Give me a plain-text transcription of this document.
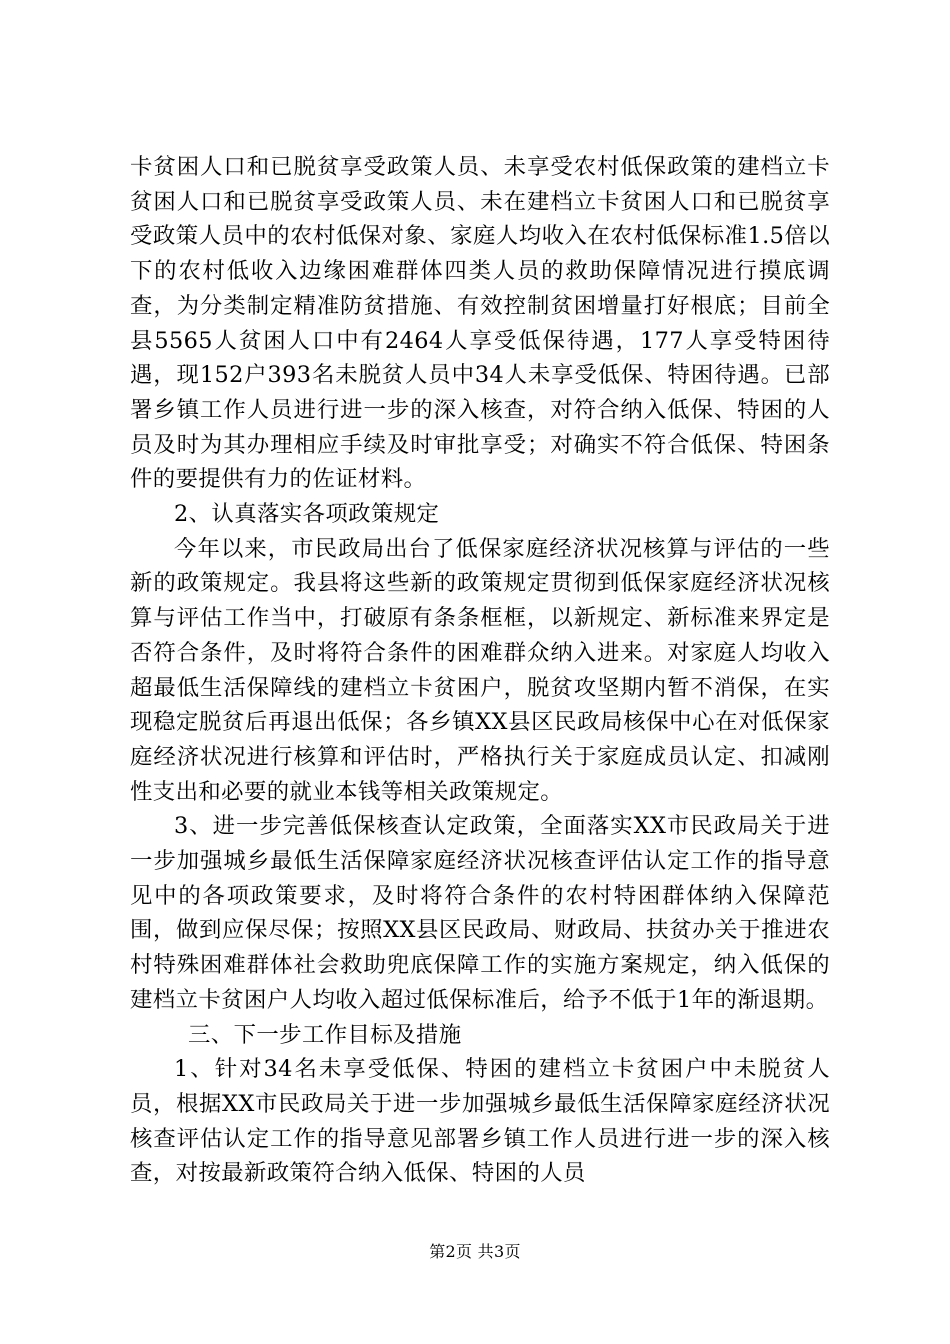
卡贫困人口和已脱贫享受政策人员、未享受农村低保政策的建档立卡贫困人口和已脱贫享受政策人员、未在建档立卡贫困人口和已脱贫享受政策人员中的农村低保对象、家庭人均收入在农村低保标准1.5倍以下的农村低收入边缘困难群体四类人员的救助保障情况进行摸底调查，为分类制定精准防贫措施、有效控制贫困增量打好根底；目前全县5565人贫困人口中有2464人享受低保待遇，177人享受特困待遇，现152户393名未脱贫人员中34人未享受低保、特困待遇。已部署乡镇工作人员进行进一步的深入核查，对符合纳入低保、特困的人员及时为其办理相应手续及时审批享受；对确实不符合低保、特困条件的要提供有力的佐证材料。

2、认真落实各项政策规定

今年以来，市民政局出台了低保家庭经济状况核算与评估的一些新的政策规定。我县将这些新的政策规定贯彻到低保家庭经济状况核算与评估工作当中，打破原有条条框框，以新规定、新标准来界定是否符合条件，及时将符合条件的困难群众纳入进来。对家庭人均收入超最低生活保障线的建档立卡贫困户，脱贫攻坚期内暂不消保，在实现稳定脱贫后再退出低保；各乡镇XX县区民政局核保中心在对低保家庭经济状况进行核算和评估时，严格执行关于家庭成员认定、扣减刚性支出和必要的就业本钱等相关政策规定。

3、进一步完善低保核查认定政策，全面落实XX市民政局关于进一步加强城乡最低生活保障家庭经济状况核查评估认定工作的指导意见中的各项政策要求，及时将符合条件的农村特困群体纳入保障范围，做到应保尽保；按照XX县区民政局、财政局、扶贫办关于推进农村特殊困难群体社会救助兜底保障工作的实施方案规定，纳入低保的建档立卡贫困户人均收入超过低保标准后，给予不低于1年的渐退期。

三、下一步工作目标及措施

1、针对34名未享受低保、特困的建档立卡贫困户中未脱贫人员，根据XX市民政局关于进一步加强城乡最低生活保障家庭经济状况核查评估认定工作的指导意见部署乡镇工作人员进行进一步的深入核查，对按最新政策符合纳入低保、特困的人员

第2页 共3页
